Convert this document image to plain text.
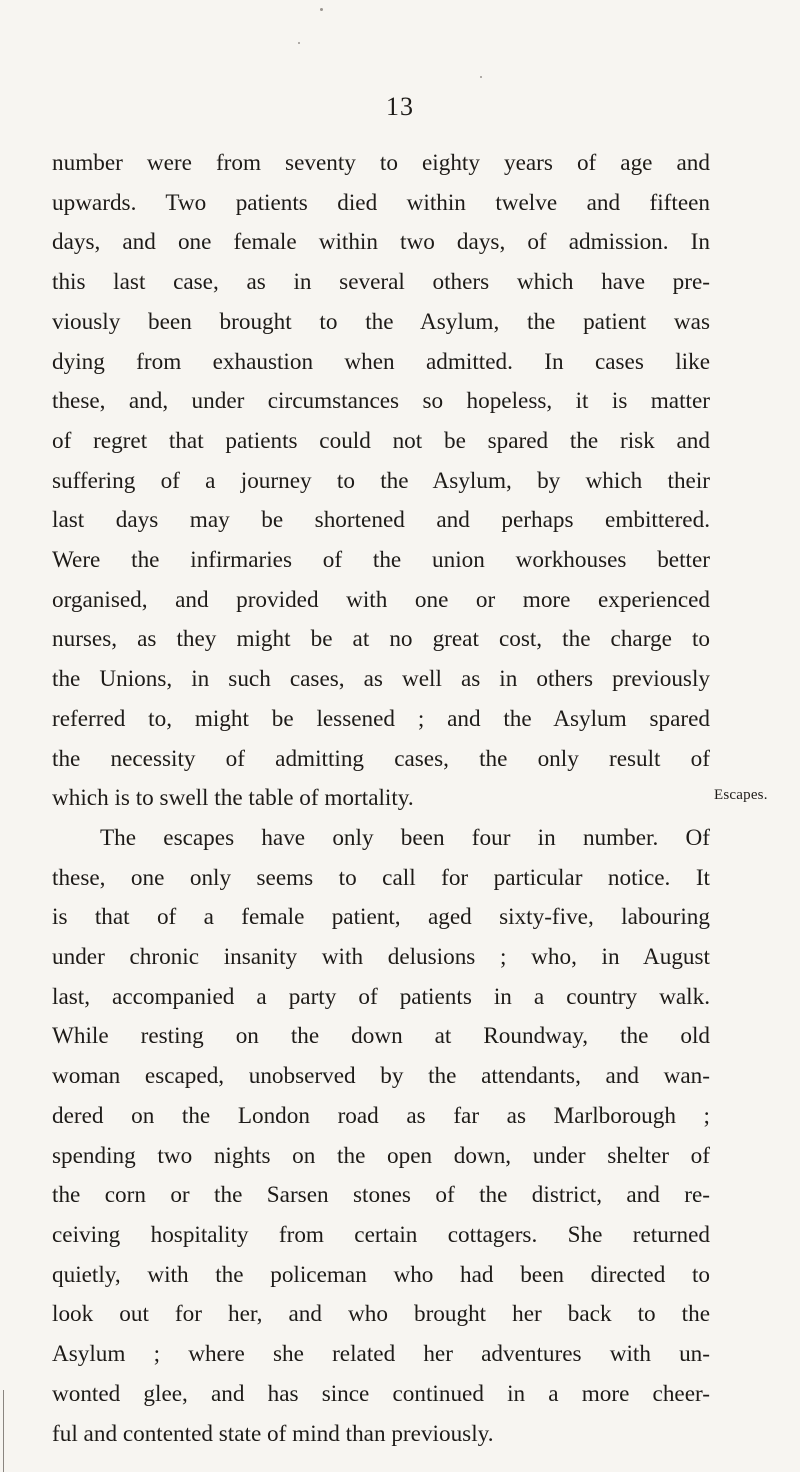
13
number were from seventy to eighty years of age and
upwards. Two patients died within twelve and fifteen
days, and one female within two days, of admission. In
this last case, as in several others which have pre-
viously been brought to the Asylum, the patient was
dying from exhaustion when admitted. In cases like
these, and, under circumstances so hopeless, it is matter
of regret that patients could not be spared the risk and
suffering of a journey to the Asylum, by which their
last days may be shortened and perhaps embittered.
Were the infirmaries of the union workhouses better
organised, and provided with one or more experienced
nurses, as they might be at no great cost, the charge to
the Unions, in such cases, as well as in others previously
referred to, might be lessened ; and the Asylum spared
the necessity of admitting cases, the only result of
which is to swell the table of mortality.
The escapes have only been four in number. Of
these, one only seems to call for particular notice. It
is that of a female patient, aged sixty-five, labouring
under chronic insanity with delusions ; who, in August
last, accompanied a party of patients in a country walk.
While resting on the down at Roundway, the old
woman escaped, unobserved by the attendants, and wan-
dered on the London road as far as Marlborough ;
spending two nights on the open down, under shelter of
the corn or the Sarsen stones of the district, and re-
ceiving hospitality from certain cottagers. She returned
quietly, with the policeman who had been directed to
look out for her, and who brought her back to the
Asylum ; where she related her adventures with un-
wonted glee, and has since continued in a more cheer-
ful and contented state of mind than previously.
Escapes.
